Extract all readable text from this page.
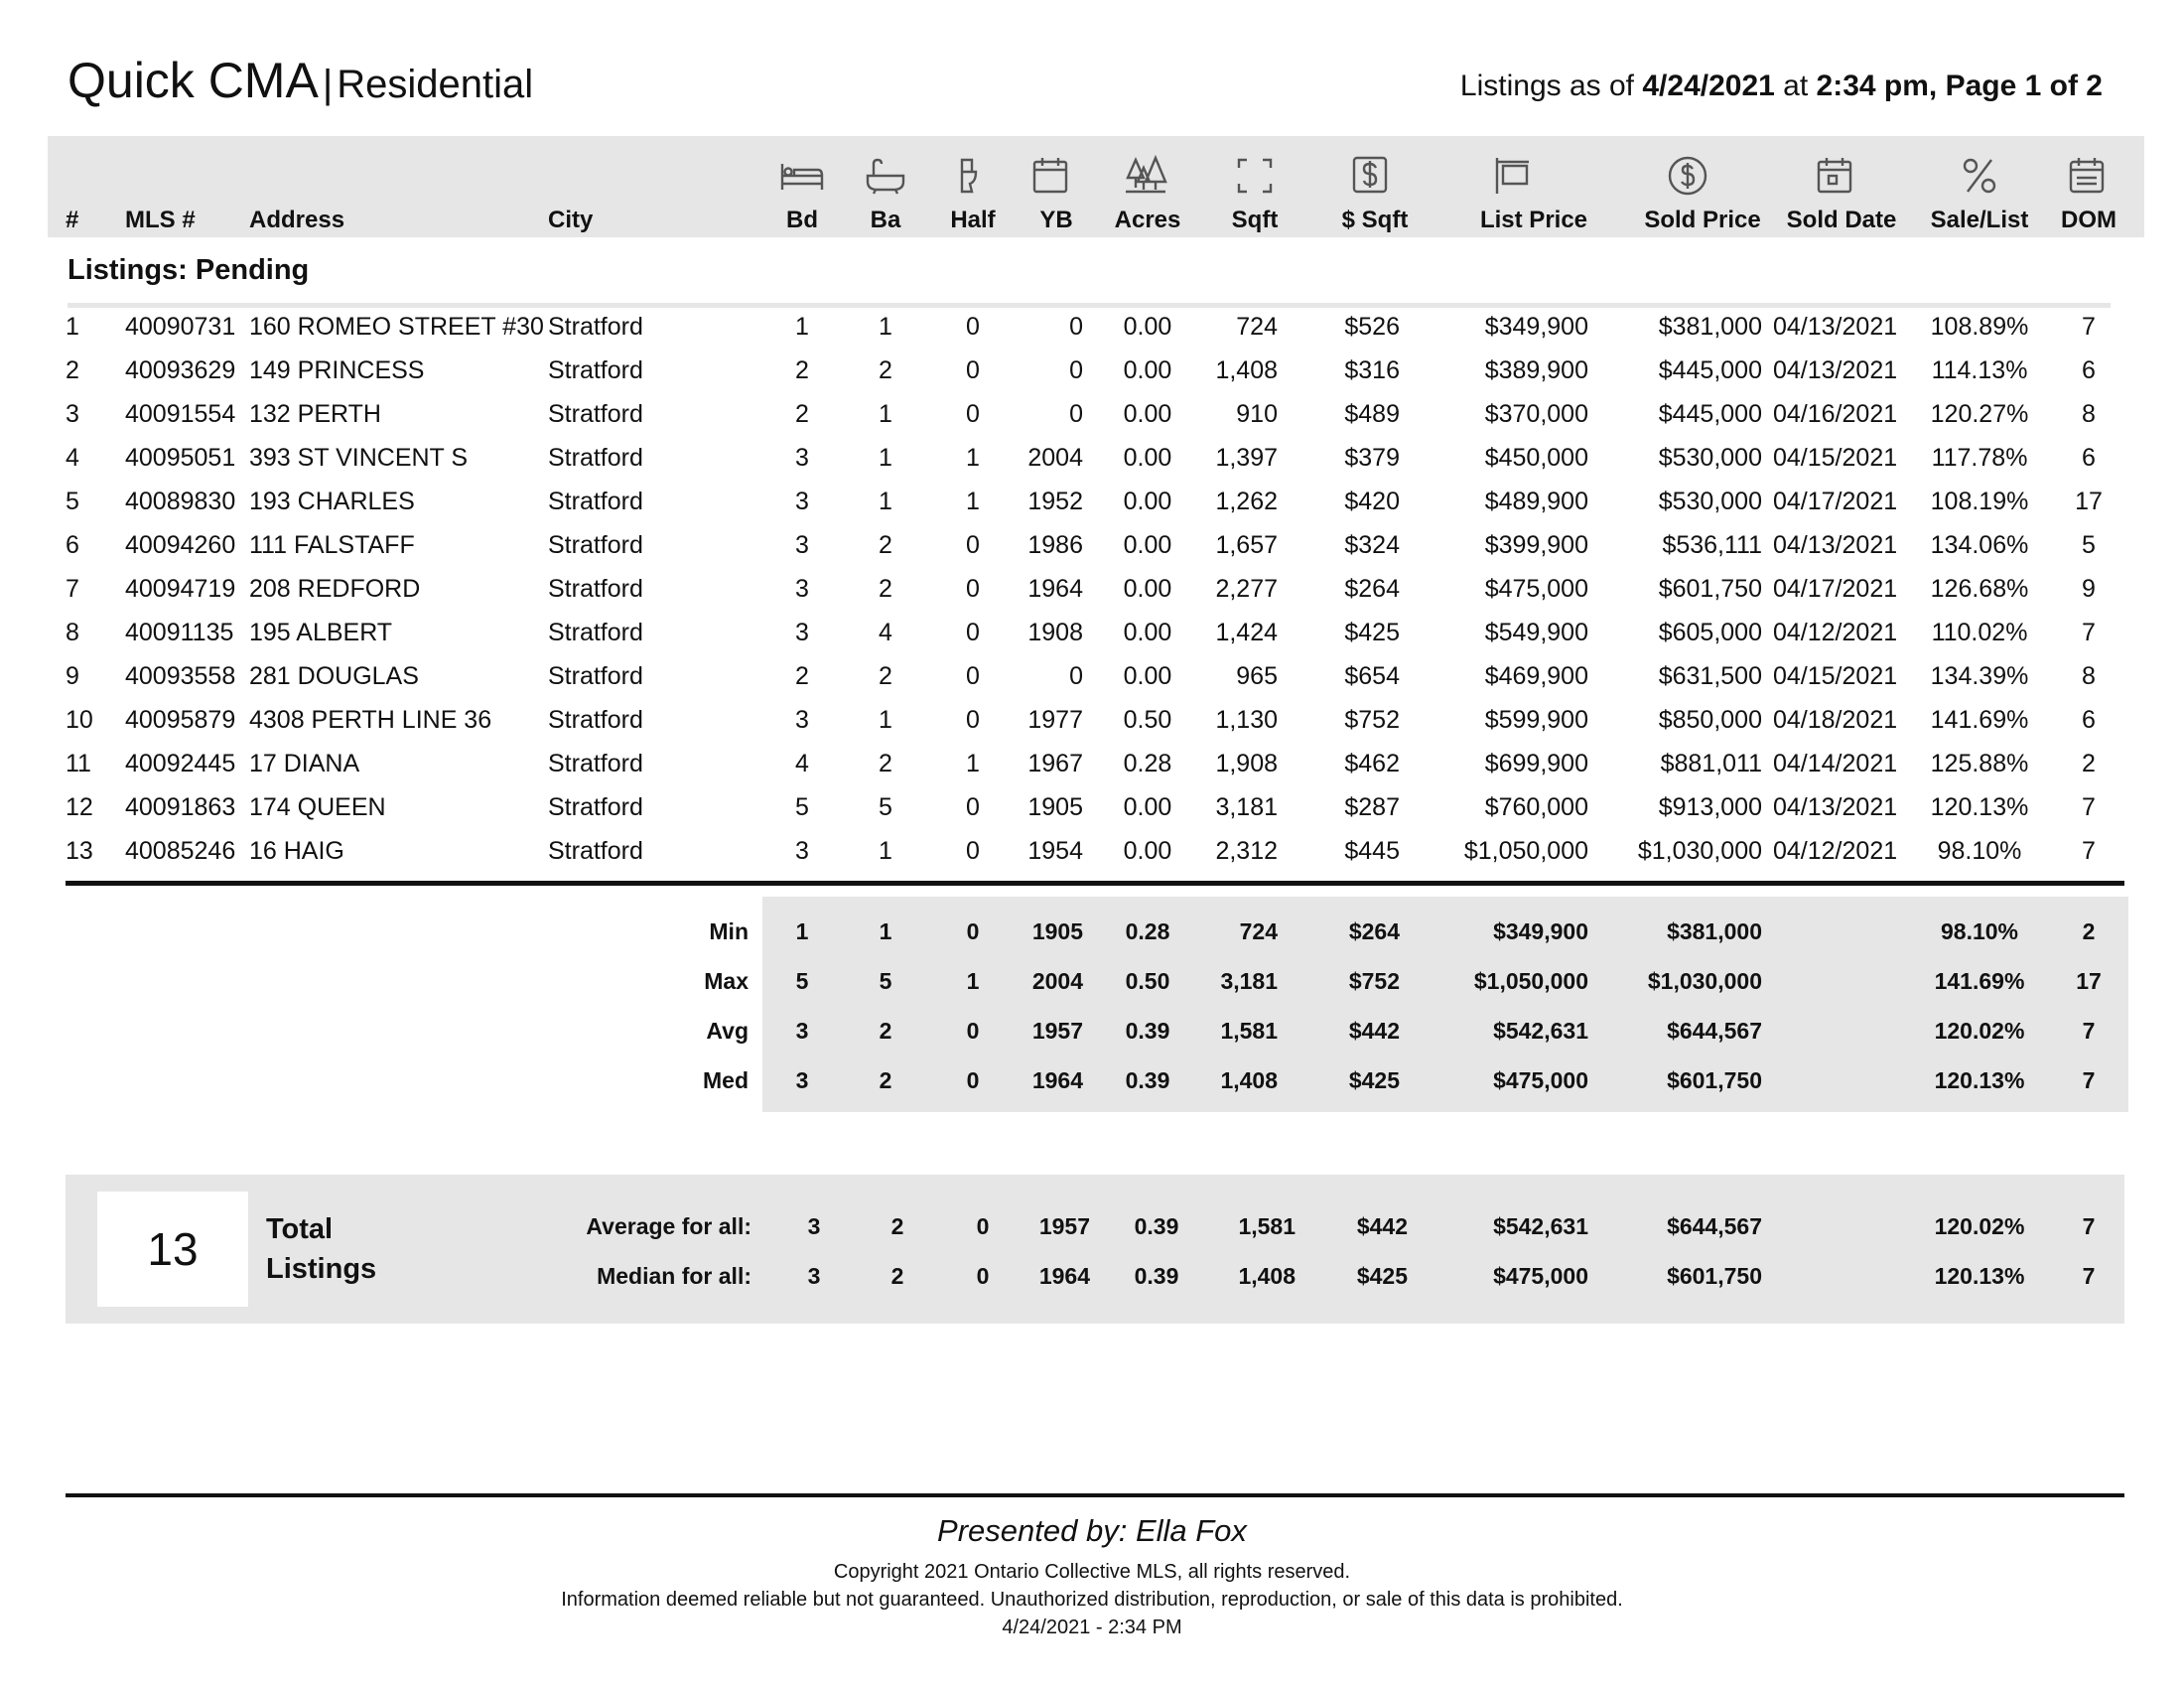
Quick CMA | Residential	Listings as of 4/24/2021 at 2:34 pm, Page 1 of 2
# MLS # Address	City	Bd	Ba	Half	YB	Acres	Sqft	$ Sqft	List Price	Sold Price	Sold Date	Sale/List	DOM
Listings: Pending
1	40090731 160 ROMEO STREET #30 Stratford	1	1	0	0	0.00	724	$526	$349,900	$381,000 04/13/2021	108.89%	7
2	40093629 149 PRINCESS	Stratford	2	2	0	0	0.00	1,408	$316	$389,900	$445,000 04/13/2021	114.13%	6
3	40091554 132 PERTH	Stratford	2	1	0	0	0.00	910	$489	$370,000	$445,000 04/16/2021	120.27%	8
4	40095051 393 ST VINCENT S	Stratford	3	1	1	2004	0.00	1,397	$379	$450,000	$530,000 04/15/2021	117.78%	6
5	40089830 193 CHARLES	Stratford	3	1	1	1952	0.00	1,262	$420	$489,900	$530,000 04/17/2021	108.19%	17
6	40094260 111 FALSTAFF	Stratford	3	2	0	1986	0.00	1,657	$324	$399,900	$536,111 04/13/2021	134.06%	5
7	40094719 208 REDFORD	Stratford	3	2	0	1964	0.00	2,277	$264	$475,000	$601,750 04/17/2021	126.68%	9
8	40091135 195 ALBERT	Stratford	3	4	0	1908	0.00	1,424	$425	$549,900	$605,000 04/12/2021	110.02%	7
9	40093558 281 DOUGLAS	Stratford	2	2	0	0	0.00	965	$654	$469,900	$631,500 04/15/2021	134.39%	8
10	40095879 4308 PERTH LINE 36	Stratford	3	1	0	1977	0.50	1,130	$752	$599,900	$850,000 04/18/2021	141.69%	6
11	40092445 17 DIANA	Stratford	4	2	1	1967	0.28	1,908	$462	$699,900	$881,011 04/14/2021	125.88%	2
12	40091863 174 QUEEN	Stratford	5	5	0	1905	0.00	3,181	$287	$760,000	$913,000 04/13/2021	120.13%	7
13	40085246 16 HAIG	Stratford	3	1	0	1954	0.00	2,312	$445	$1,050,000	$1,030,000 04/12/2021	98.10%	7
Min	1	1	0	1905	0.28	724	$264	$349,900	$381,000	98.10%	2
Max	5	5	1	2004	0.50	3,181	$752	$1,050,000	$1,030,000	141.69%	17
Avg	3	2	0	1957	0.39	1,581	$442	$542,631	$644,567	120.02%	7
Med	3	2	0	1964	0.39	1,408	$425	$475,000	$601,750	120.13%	7
13	Total
Listings
Average for all:	3	2	0	1957	0.39	1,581	$442	$542,631	$644,567	120.02%	7
Median for all:	3	2	0	1964	0.39	1,408	$425	$475,000	$601,750	120.13%	7
Presented by: Ella Fox
Copyright 2021 Ontario Collective MLS, all rights reserved.
Information deemed reliable but not guaranteed. Unauthorized distribution, reproduction, or sale of this data is prohibited.
4/24/2021 - 2:34 PM
